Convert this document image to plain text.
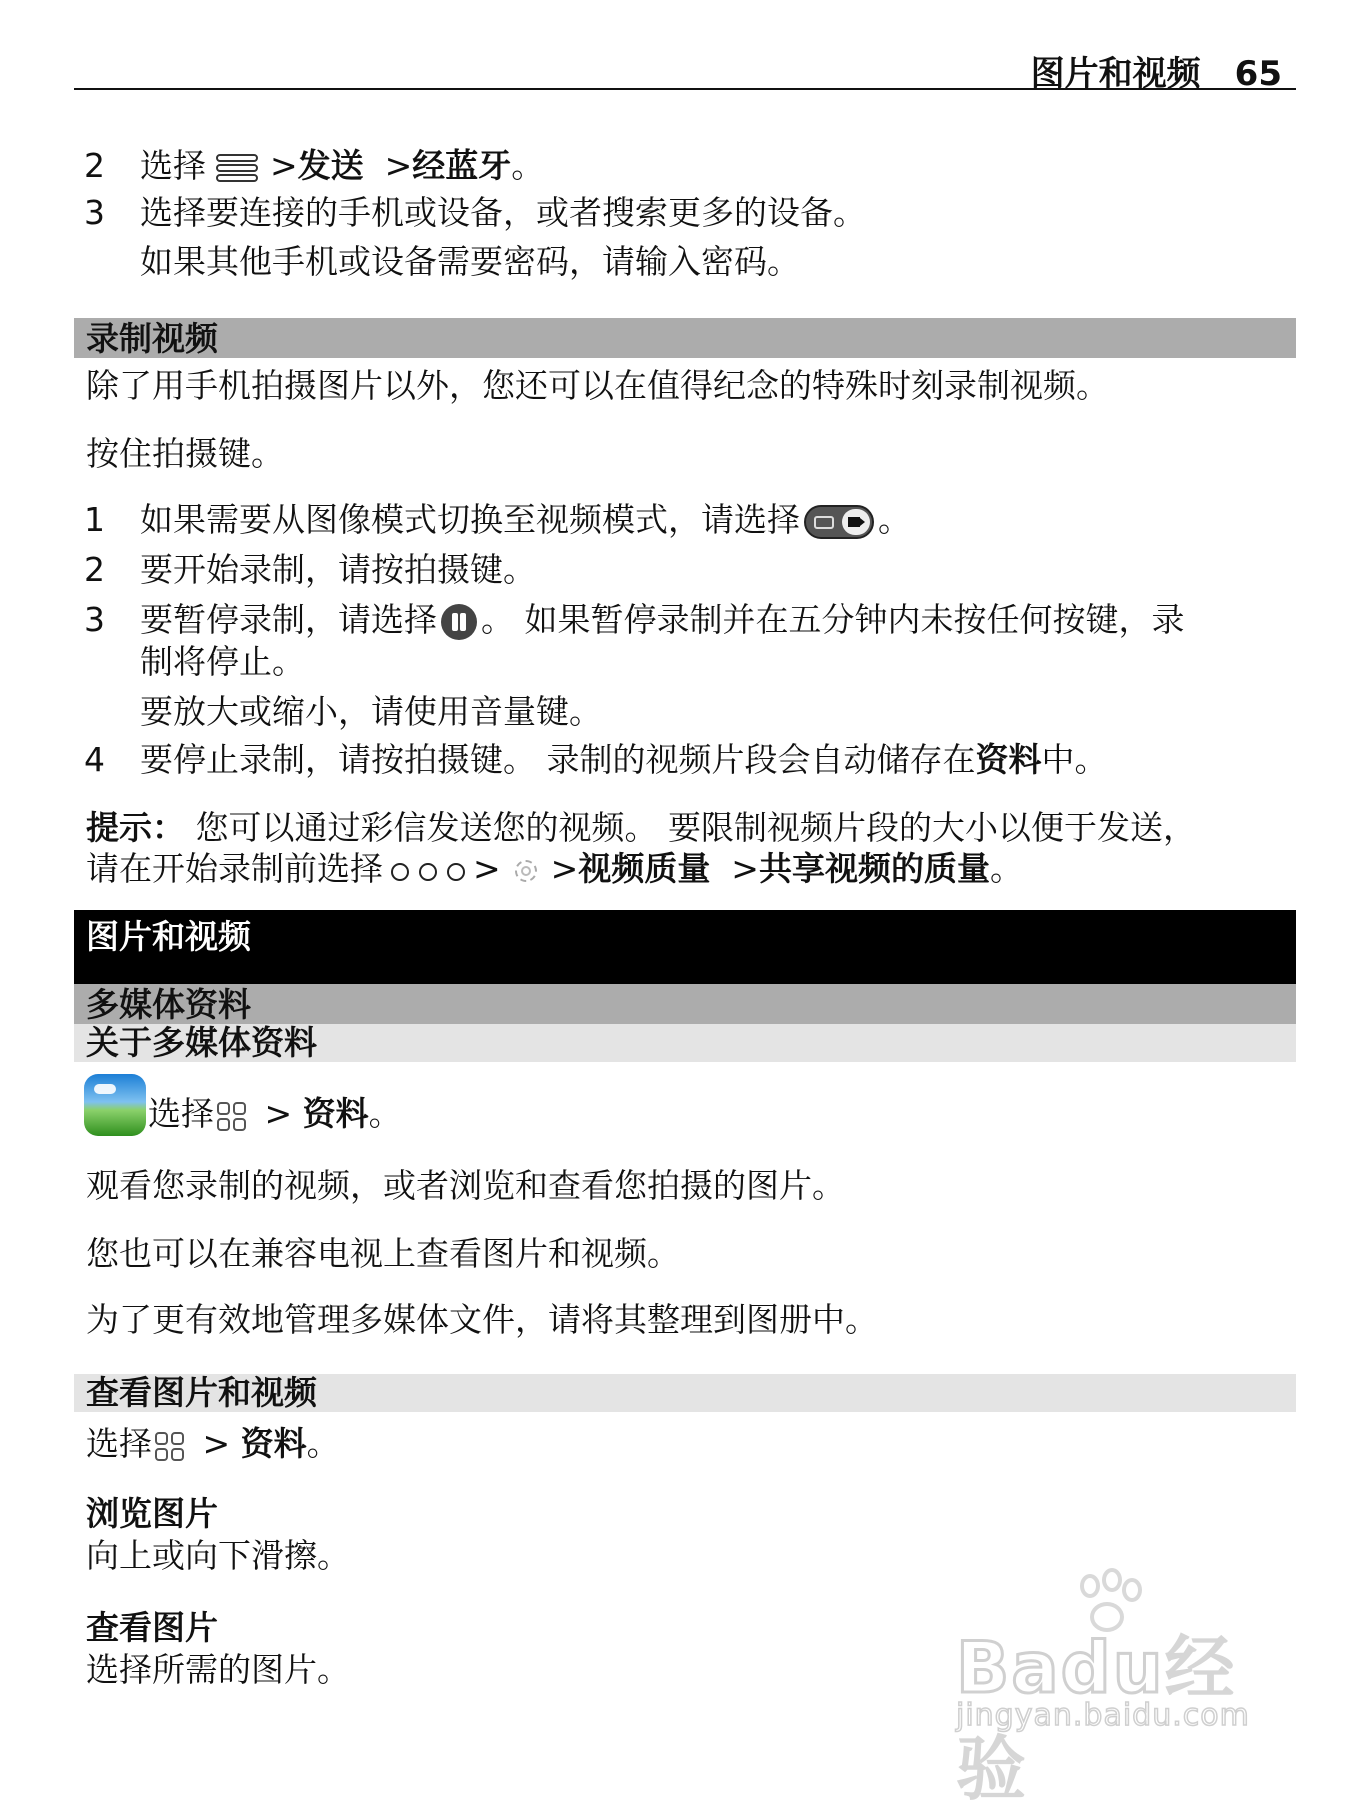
图片和视频 65
2 选择 >发送 >经蓝牙。
3 选择要连接的手机或设备，或者搜索更多的设备。
如果其他手机或设备需要密码，请输入密码。
录制视频
除了用手机拍摄图片以外，您还可以在值得纪念的特殊时刻录制视频。
按住拍摄键。
1 如果需要从图像模式切换至视频模式，请选择 。
2 要开始录制，请按拍摄键。
3 要暂停录制，请选择 。 如果暂停录制并在五分钟内未按任何按键，录
制将停止。
要放大或缩小，请使用音量键。
4 要停止录制，请按拍摄键。 录制的视频片段会自动储存在资料中。
提示： 您可以通过彩信发送您的视频。 要限制视频片段的大小以便于发送，
请在开始录制前选择	> >视频质量 >共享视频的质量。
图片和视频
多媒体资料
关于多媒体资料
选择 > 资料。
观看您录制的视频，或者浏览和查看您拍摄的图片。
您也可以在兼容电视上查看图片和视频。
为了更有效地管理多媒体文件，请将其整理到图册中。
查看图片和视频
选择 > 资料。
浏览图片
向上或向下滑擦。
查看图片
选择所需的图片。	Badu经验
jingyan.baidu.com
